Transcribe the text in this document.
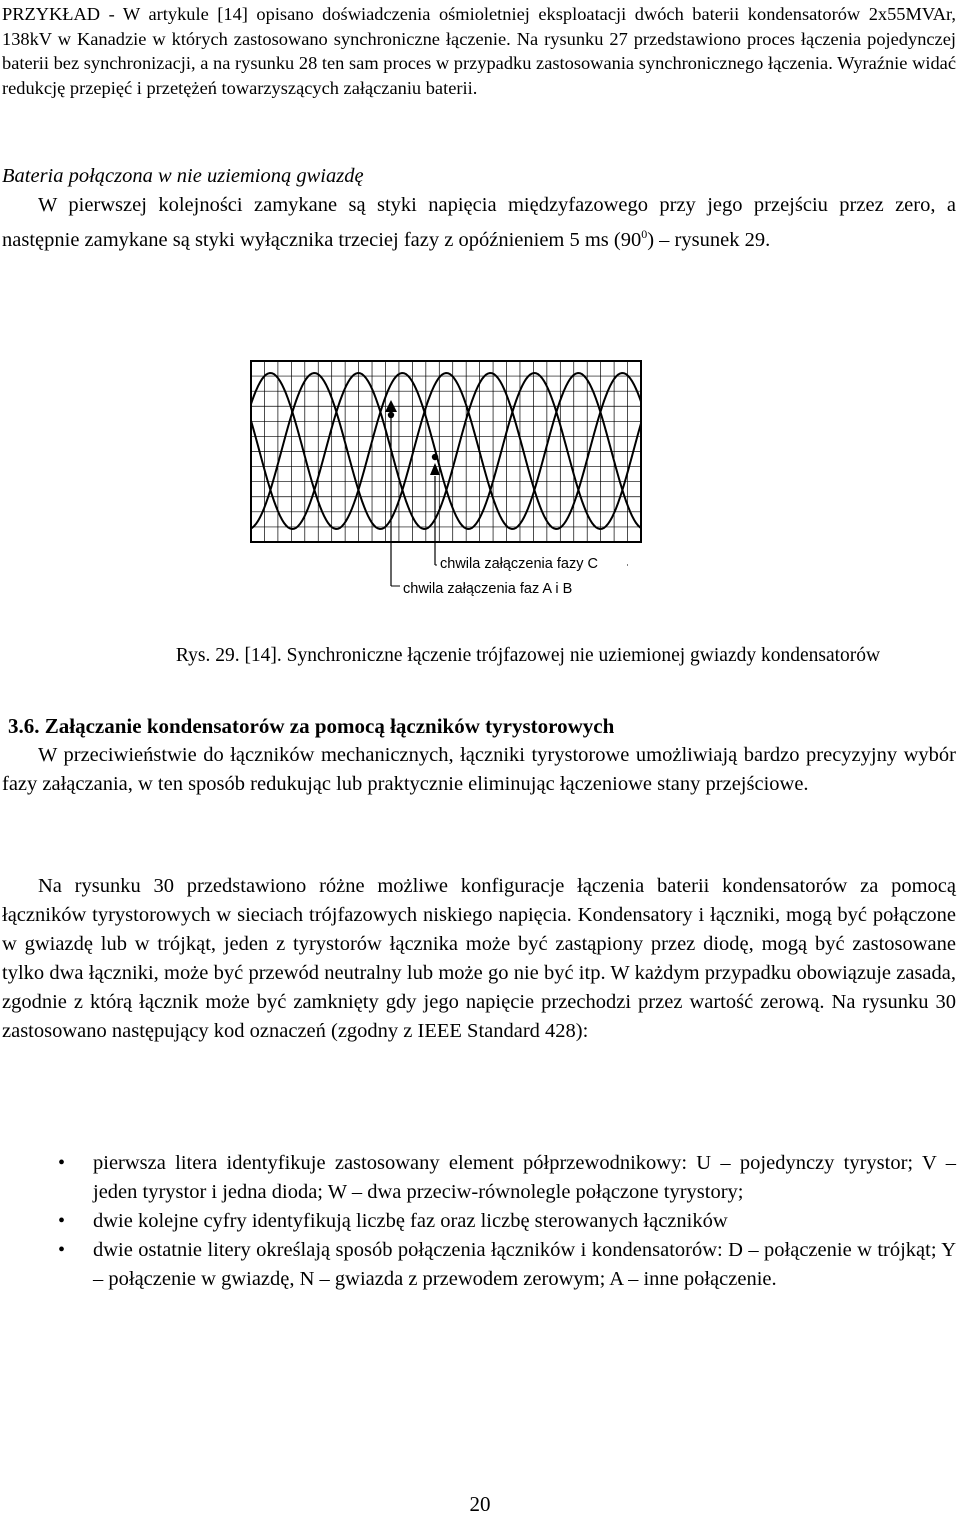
PRZYKŁAD - W artykule [14] opisano doświadczenia ośmioletniej eksploatacji dwóch baterii kondensatorów 2x55MVAr, 138kV w Kanadzie w których zastosowano synchroniczne łączenie. Na rysunku 27 przedstawiono proces łączenia pojedynczej baterii bez synchronizacji, a na rysunku 28 ten sam proces w przypadku zastosowania synchronicznego łączenia. Wyraźnie widać redukcję przepięć i przetężeń towarzyszących załączaniu baterii.
Bateria połączona w nie uziemioną gwiazdę
W pierwszej kolejności zamykane są styki napięcia międzyfazowego przy jego przejściu przez zero, a następnie zamykane są styki wyłącznika trzeciej fazy z opóźnieniem 5 ms $(90^0)$ – rysunek 29.
chwila załączenia fazy C
chwila załączenia faz A i B
Rys. 29. [14]. Synchroniczne łączenie trójfazowej nie uziemionej gwiazdy kondensatorów
3.6. Załączanie kondensatorów za pomocą łączników tyrystorowych
W przeciwieństwie do łączników mechanicznych, łączniki tyrystorowe umożliwiają bardzo precyzyjny wybór fazy załączania, w ten sposób redukując lub praktycznie eliminując łączeniowe stany przejściowe.
Na rysunku 30 przedstawiono różne możliwe konfiguracje łączenia baterii kondensatorów za pomocą łączników tyrystorowych w sieciach trójfazowych niskiego napięcia. Kondensatory i łączniki, mogą być połączone w gwiazdę lub w trójkąt, jeden z tyrystorów łącznika może być zastąpiony przez diodę, mogą być zastosowane tylko dwa łączniki, może być przewód neutralny lub może go nie być itp. W każdym przypadku obowiązuje zasada, zgodnie z którą łącznik może być zamknięty gdy jego napięcie przechodzi przez wartość zerową. Na rysunku 30 zastosowano następujący kod oznaczeń (zgodny z IEEE Standard 428):
• pierwsza litera identyfikuje zastosowany element półprzewodnikowy: U – pojedynczy tyrystor; V – jeden tyrystor i jedna dioda; W – dwa przeciw-równolegle połączone tyrystory;
• dwie kolejne cyfry identyfikują liczbę faz oraz liczbę sterowanych łączników
• dwie ostatnie litery określają sposób połączenia łączników i kondensatorów: D – połączenie w trójkąt; Y – połączenie w gwiazdę, N – gwiazda z przewodem zerowym; A – inne połączenie.
20
